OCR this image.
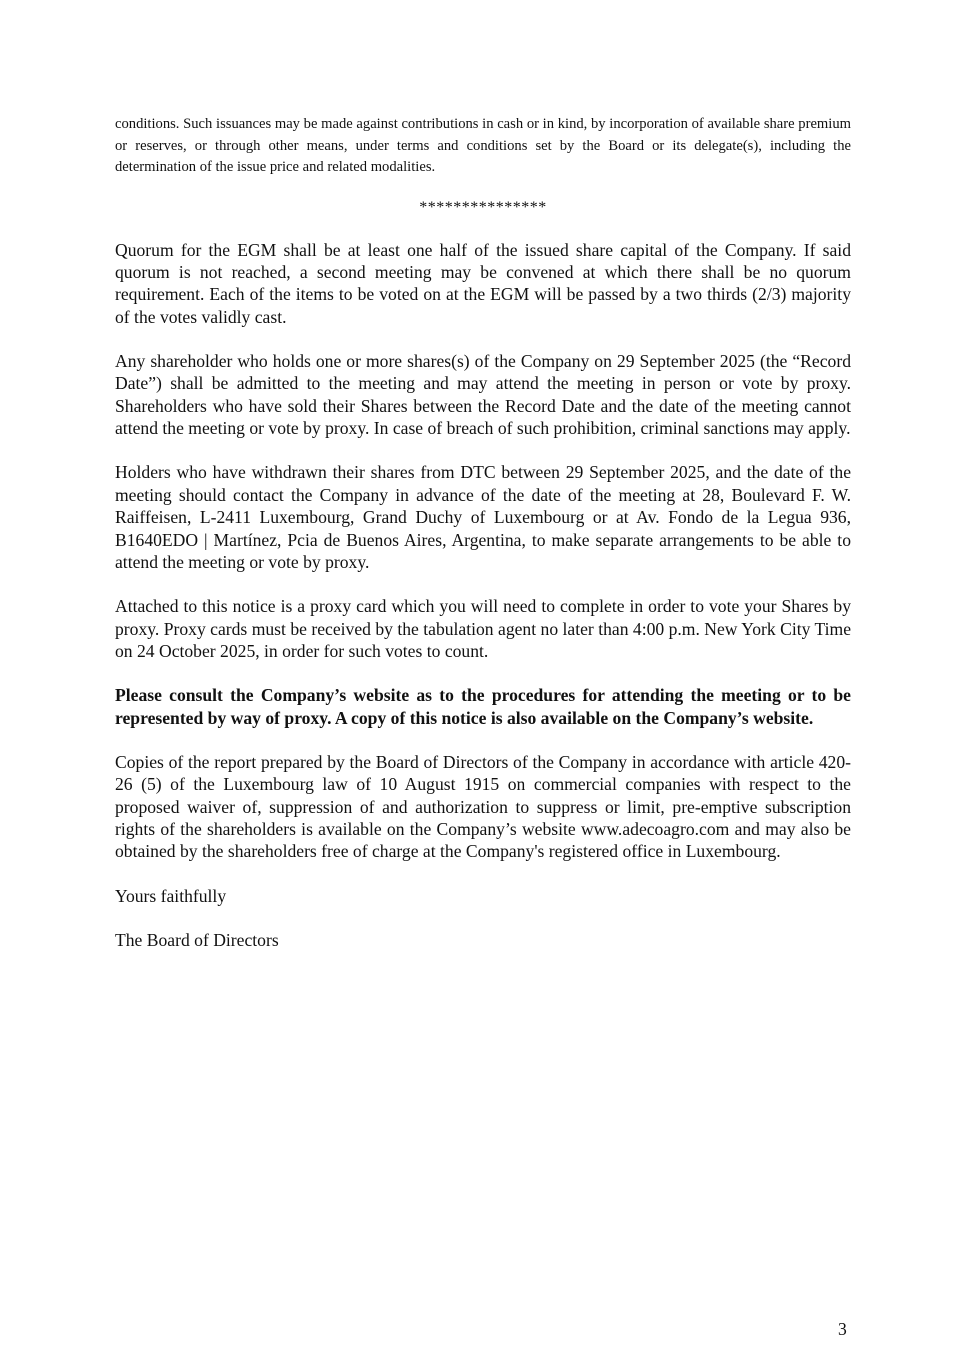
conditions. Such issuances may be made against contributions in cash or in kind, by incorporation of available share premium or reserves, or through other means, under terms and conditions set by the Board or its delegate(s), including the determination of the issue price and related modalities.

***************

Quorum for the EGM shall be at least one half of the issued share capital of the Company. If said quorum is not reached, a second meeting may be convened at which there shall be no quorum requirement. Each of the items to be voted on at the EGM will be passed by a two thirds (2/3) majority of the votes validly cast.

Any shareholder who holds one or more shares(s) of the Company on 29 September 2025 (the “Record Date”) shall be admitted to the meeting and may attend the meeting in person or vote by proxy. Shareholders who have sold their Shares between the Record Date and the date of the meeting cannot attend the meeting or vote by proxy. In case of breach of such prohibition, criminal sanctions may apply.

Holders who have withdrawn their shares from DTC between 29 September 2025, and the date of the meeting should contact the Company in advance of the date of the meeting at 28, Boulevard F. W. Raiffeisen, L-2411 Luxembourg, Grand Duchy of Luxembourg or at Av. Fondo de la Legua 936, B1640EDO | Martínez, Pcia de Buenos Aires, Argentina, to make separate arrangements to be able to attend the meeting or vote by proxy.

Attached to this notice is a proxy card which you will need to complete in order to vote your Shares by proxy. Proxy cards must be received by the tabulation agent no later than 4:00 p.m. New York City Time on 24 October 2025, in order for such votes to count.

Please consult the Company’s website as to the procedures for attending the meeting or to be represented by way of proxy. A copy of this notice is also available on the Company’s website.

Copies of the report prepared by the Board of Directors of the Company in accordance with article 420-26 (5) of the Luxembourg law of 10 August 1915 on commercial companies with respect to the proposed waiver of, suppression of and authorization to suppress or limit, pre-emptive subscription rights of the shareholders is available on the Company’s website www.adecoagro.com and may also be obtained by the shareholders free of charge at the Company's registered office in Luxembourg.

Yours faithfully

The Board of Directors

3
